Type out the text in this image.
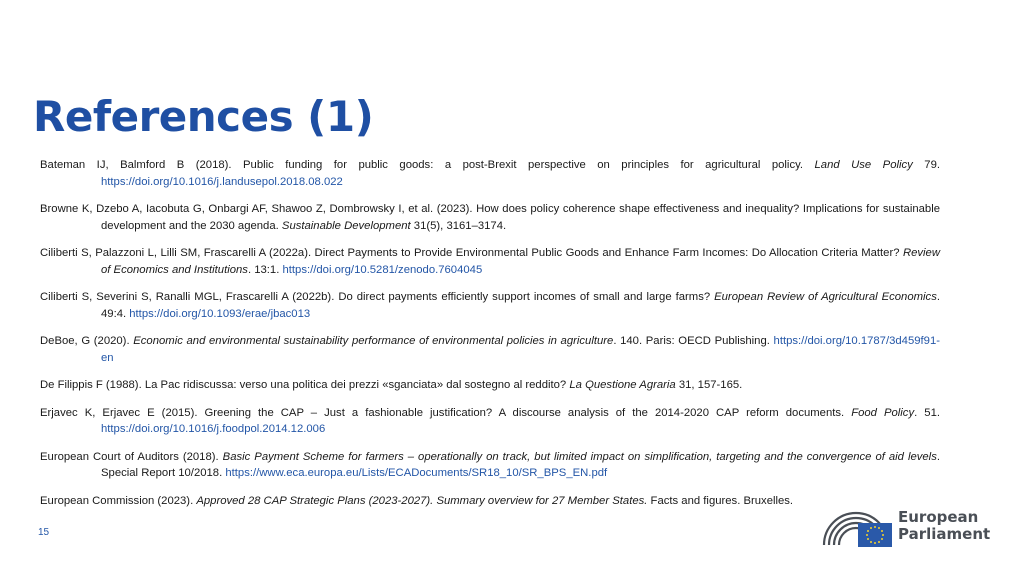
References (1)

Bateman IJ, Balmford B (2018). Public funding for public goods: a post-Brexit perspective on principles for agricultural policy. Land Use Policy 79. https://doi.org/10.1016/j.landusepol.2018.08.022

Browne K, Dzebo A, Iacobuta G, Onbargi AF, Shawoo Z, Dombrowsky I, et al. (2023). How does policy coherence shape effectiveness and inequality? Implications for sustainable development and the 2030 agenda. Sustainable Development 31(5), 3161–3174.

Ciliberti S, Palazzoni L, Lilli SM, Frascarelli A (2022a). Direct Payments to Provide Environmental Public Goods and Enhance Farm Incomes: Do Allocation Criteria Matter? Review of Economics and Institutions. 13:1. https://doi.org/10.5281/zenodo.7604045

Ciliberti S, Severini S, Ranalli MGL, Frascarelli A (2022b). Do direct payments efficiently support incomes of small and large farms? European Review of Agricultural Economics. 49:4. https://doi.org/10.1093/erae/jbac013

DeBoe, G (2020). Economic and environmental sustainability performance of environmental policies in agriculture. 140. Paris: OECD Publishing. https://doi.org/10.1787/3d459f91-en

De Filippis F (1988). La Pac ridiscussa: verso una politica dei prezzi «sganciata» dal sostegno al reddito? La Questione Agraria 31, 157-165.

Erjavec K, Erjavec E (2015). Greening the CAP – Just a fashionable justification? A discourse analysis of the 2014-2020 CAP reform documents. Food Policy. 51. https://doi.org/10.1016/j.foodpol.2014.12.006

European Court of Auditors (2018). Basic Payment Scheme for farmers – operationally on track, but limited impact on simplification, targeting and the convergence of aid levels. Special Report 10/2018. https://www.eca.europa.eu/Lists/ECADocuments/SR18_10/SR_BPS_EN.pdf

European Commission (2023). Approved 28 CAP Strategic Plans (2023-2027). Summary overview for 27 Member States. Facts and figures. Bruxelles.

15
European
Parliament
